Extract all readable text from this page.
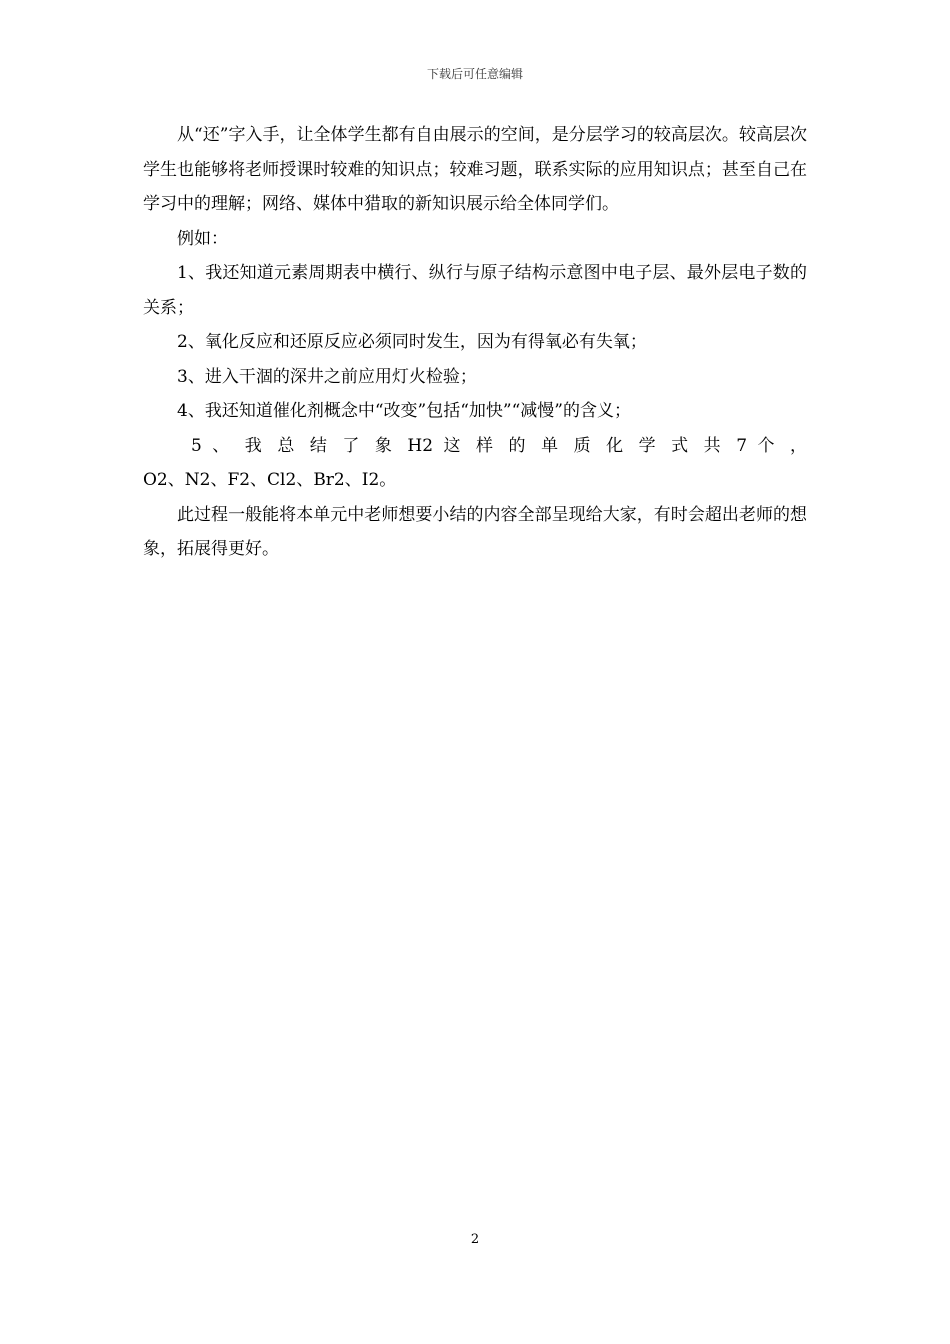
下载后可任意编辑

从“还”字入手，让全体学生都有自由展示的空间，是分层学习的较高层次。较高层次学生也能够将老师授课时较难的知识点；较难习题，联系实际的应用知识点；甚至自己在学习中的理解；网络、媒体中猎取的新知识展示给全体同学们。

例如：

1、我还知道元素周期表中横行、纵行与原子结构示意图中电子层、最外层电子数的关系；

2、氧化反应和还原反应必须同时发生，因为有得氧必有失氧；

3、进入干涸的深井之前应用灯火检验；

4、我还知道催化剂概念中“改变”包括“加快”“减慢”的含义；

5 、 我 总 结 了 象 H2 这 样 的 单 质 化 学 式 共 7 个 ，
O2、N2、F2、Cl2、Br2、I2。

此过程一般能将本单元中老师想要小结的内容全部呈现给大家，有时会超出老师的想象，拓展得更好。

2
